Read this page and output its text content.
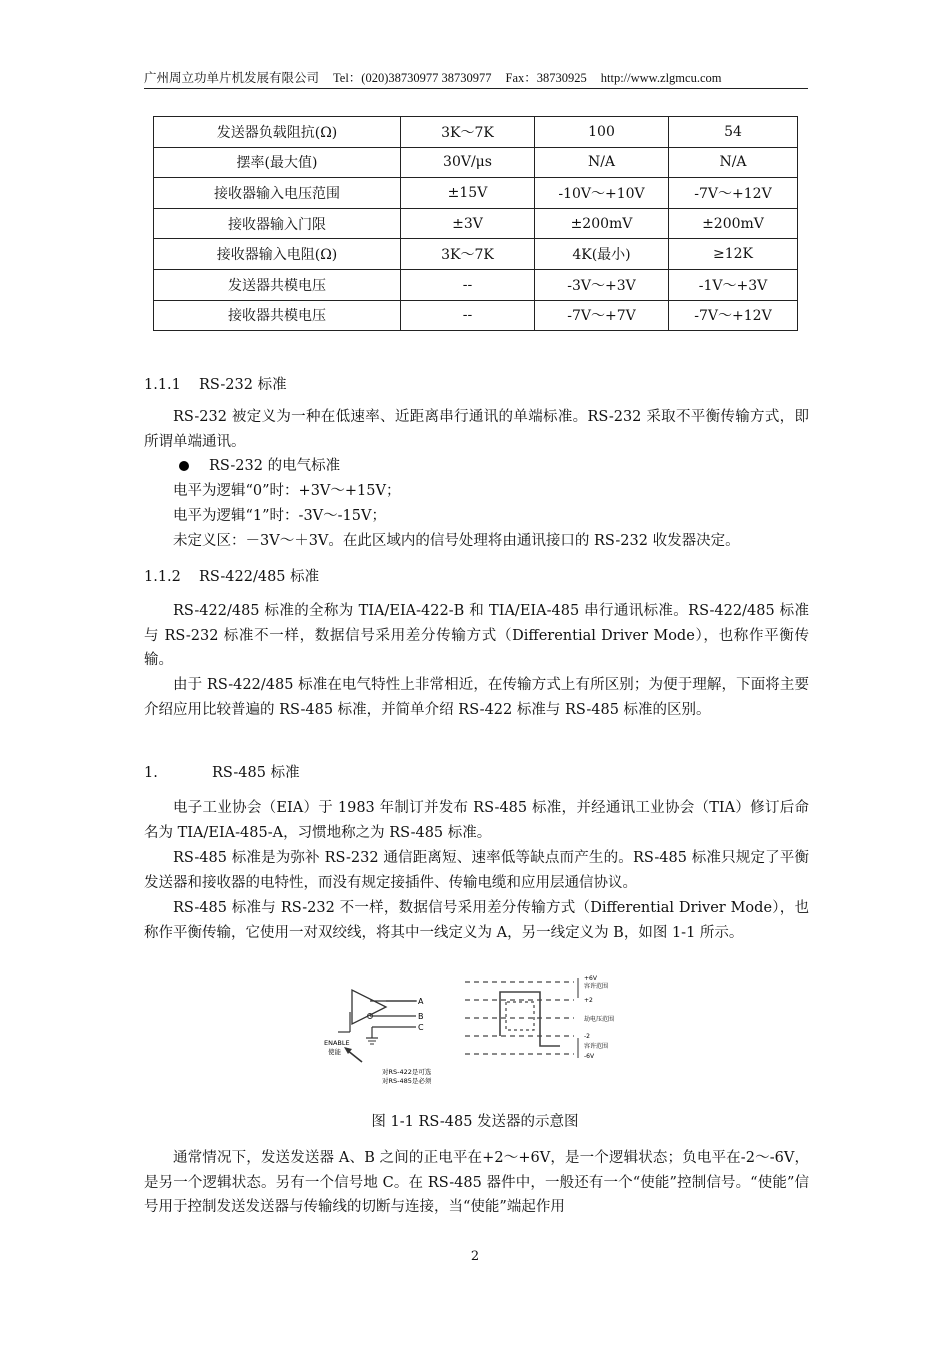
广州周立功单片机发展有限公司 Tel：(020)38730977 38730977 Fax：38730925 http://www.zlgmcu.com
发送器负载阻抗(Ω)	3K～7K	100	54
摆率(最大值)	30V/μs	N/A	N/A
接收器输入电压范围	±15V	-10V～+10V	-7V～+12V
接收器输入门限	±3V	±200mV	±200mV
接收器输入电阻(Ω)	3K～7K	4K(最小)	≥12K
发送器共模电压	--	-3V～+3V	-1V～+3V
接收器共模电压	--	-7V～+7V	-7V～+12V
1.1.1 RS-232 标准
RS-232 被定义为一种在低速率、近距离串行通讯的单端标准。RS-232 采取不平衡传输方式，即所谓单端通讯。
RS-232 的电气标准
电平为逻辑“0”时：+3V～+15V；
电平为逻辑“1”时：-3V～-15V；
未定义区：－3V～＋3V。在此区域内的信号处理将由通讯接口的 RS-232 收发器决定。
1.1.2 RS-422/485 标准
RS-422/485 标准的全称为 TIA/EIA-422-B 和 TIA/EIA-485 串行通讯标准。RS-422/485 标准与 RS-232 标准不一样，数据信号采用差分传输方式（Differential Driver Mode），也称作平衡传输。
由于 RS-422/485 标准在电气特性上非常相近，在传输方式上有所区别；为便于理解，下面将主要介绍应用比较普遍的 RS-485 标准，并简单介绍 RS-422 标准与 RS-485 标准的区别。
1.	RS-485 标准
电子工业协会（EIA）于 1983 年制订并发布 RS-485 标准，并经通讯工业协会（TIA）修订后命名为 TIA/EIA-485-A，习惯地称之为 RS-485 标准。
RS-485 标准是为弥补 RS-232 通信距离短、速率低等缺点而产生的。RS-485 标准只规定了平衡发送器和接收器的电特性，而没有规定接插件、传输电缆和应用层通信协议。
RS-485 标准与 RS-232 不一样，数据信号采用差分传输方式（Differential Driver Mode），也称作平衡传输，它使用一对双绞线，将其中一线定义为 A，另一线定义为 B，如图 1-1 所示。
A
B
C
ENABLE
使能
对RS-422是可选
对RS-485是必须
+6V
容许范围
+2
劫电压范围
-2
容许范围
-6V
图 1-1 RS-485 发送器的示意图
通常情况下，发送发送器 A、B 之间的正电平在+2～+6V，是一个逻辑状态；负电平在-2～-6V，是另一个逻辑状态。另有一个信号地 C。在 RS-485 器件中，一般还有一个“使能”控制信号。“使能”信号用于控制发送发送器与传输线的切断与连接，当“使能”端起作用
2
